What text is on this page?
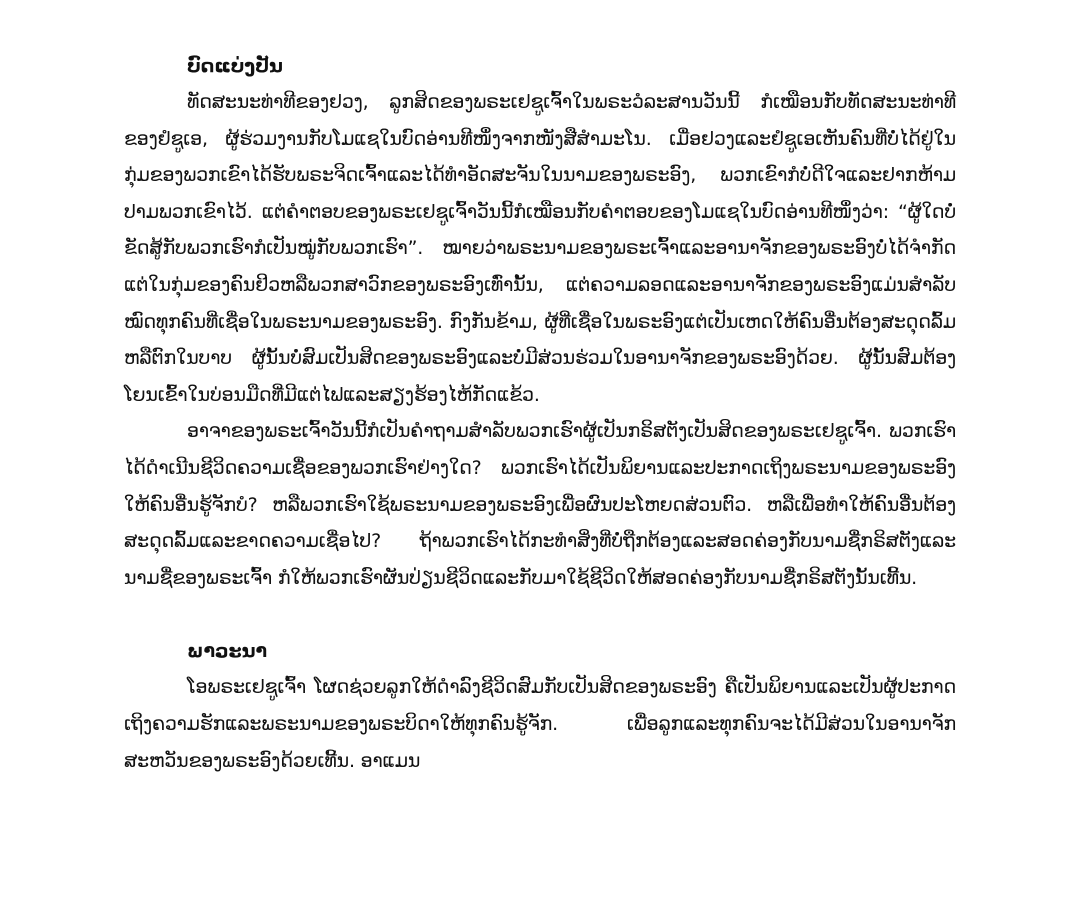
ບົດແບ່ງປັນ

ທັດສະນະທ່າທີຂອງຢວງ, ລູກສິດຂອງພຣະເຢຊູເຈົ້າໃນພຣະວໍລະສານວັນນີ້ ກໍເໝືອນກັບທັດສະນະທ່າທີຂອງຢໍຊູເອ, ຜູ້ຮ່ວມງານກັບໂມແຊໃນບົດອ່ານທີໜຶ່ງຈາກໜັງສືສຳມະໂນ. ເມື່ອຢວງແລະຢໍຊູເອເຫັນຄົນທີ່ບໍ່ໄດ້ຢູ່ໃນກຸ່ມຂອງພວກເຂົາໄດ້ຮັບພຣະຈິດເຈົ້າແລະໄດ້ທຳອັດສະຈັນໃນນາມຂອງພຣະອົງ, ພວກເຂົາກໍບໍ່ດີໃຈແລະຢາກຫ້າມປາມພວກເຂົາໄວ້. ແຕ່ຄຳຕອບຂອງພຣະເຢຊູເຈົ້າວັນນີ້ກໍເໝືອນກັບຄຳຕອບຂອງໂມແຊໃນບົດອ່ານທີໜຶ່ງວ່າ: “ຜູ້ໃດບໍ່ຂັດສູ້ກັບພວກເຮົາກໍເປັນໝູ່ກັບພວກເຮົາ”. ໝາຍວ່າພຣະນາມຂອງພຣະເຈົ້າແລະອານາຈັກຂອງພຣະອົງບໍ່ໄດ້ຈຳກັດແຕ່ໃນກຸ່ມຂອງຄົນຢິວຫລືພວກສາວົກຂອງພຣະອົງເທົ່ານັ້ນ, ແຕ່ຄວາມລອດແລະອານາຈັກຂອງພຣະອົງແມ່ນສຳລັບໝົດທຸກຄົນທີ່ເຊື່ອໃນພຣະນາມຂອງພຣະອົງ. ກົງກັນຂ້າມ, ຜູ້ທີ່ເຊື່ອໃນພຣະອົງແຕ່ເປັນເຫດໃຫ້ຄົນອື່ນຕ້ອງສະດຸດລົ້ມຫລືຕົກໃນບາບ ຜູ້ນັ້ນບໍ່ສົມເປັນສິດຂອງພຣະອົງແລະບໍ່ມີສ່ວນຮ່ວມໃນອານາຈັກຂອງພຣະອົງດ້ວຍ. ຜູ້ນັ້ນສົມຕ້ອງໂຍນເຂົ້າໃນບ່ອນມືດທີ່ມີແຕ່ໄຟແລະສຽງຮ້ອງໄຫ້ກັດແຂ້ວ.

ອາຈາຂອງພຣະເຈົ້າວັນນີ້ກໍເປັນຄຳຖາມສຳລັບພວກເຮົາຜູ້ເປັນກຣິສຕັງເປັນສິດຂອງພຣະເຢຊູເຈົ້າ. ພວກເຮົາໄດ້ດຳເນີນຊີວິດຄວາມເຊື່ອຂອງພວກເຮົາຢ່າງໃດ? ພວກເຮົາໄດ້ເປັນພິຍານແລະປະກາດເຖິງພຣະນາມຂອງພຣະອົງໃຫ້ຄົນອື່ນຮູ້ຈັກບໍ? ຫລືພວກເຮົາໃຊ້ພຣະນາມຂອງພຣະອົງເພື່ອຜົນປະໂຫຍດສ່ວນຕົວ. ຫລືເພື່ອທຳໃຫ້ຄົນອື່ນຕ້ອງສະດຸດລົ້ມແລະຂາດຄວາມເຊື່ອໄປ? ຖ້າພວກເຮົາໄດ້ກະທຳສິ່ງທີ່ບໍ່ຖືກຕ້ອງແລະສອດຄ່ອງກັບນາມຊື່ກຣິສຕັງແລະນາມຊື່ຂອງພຣະເຈົ້າ ກໍໃຫ້ພວກເຮົາຜັນປ່ຽນຊີວິດແລະກັບມາໃຊ້ຊີວິດໃຫ້ສອດຄ່ອງກັບນາມຊື່ກຣິສຕັງນັ້ນເທີ້ນ.

ພາວະນາ

ໂອພຣະເຢຊູເຈົ້າ ໂຜດຊ່ວຍລູກໃຫ້ດຳລົງຊີວິດສົມກັບເປັນສິດຂອງພຣະອົງ ຄືເປັນພິຍານແລະເປັນຜູ້ປະກາດເຖິງຄວາມຮັກແລະພຣະນາມຂອງພຣະບິດາໃຫ້ທຸກຄົນຮູ້ຈັກ. ເພື່ອລູກແລະທຸກຄົນຈະໄດ້ມີສ່ວນໃນອານາຈັກສະຫວັນຂອງພຣະອົງດ້ວຍເທີ້ນ. ອາແມນ
